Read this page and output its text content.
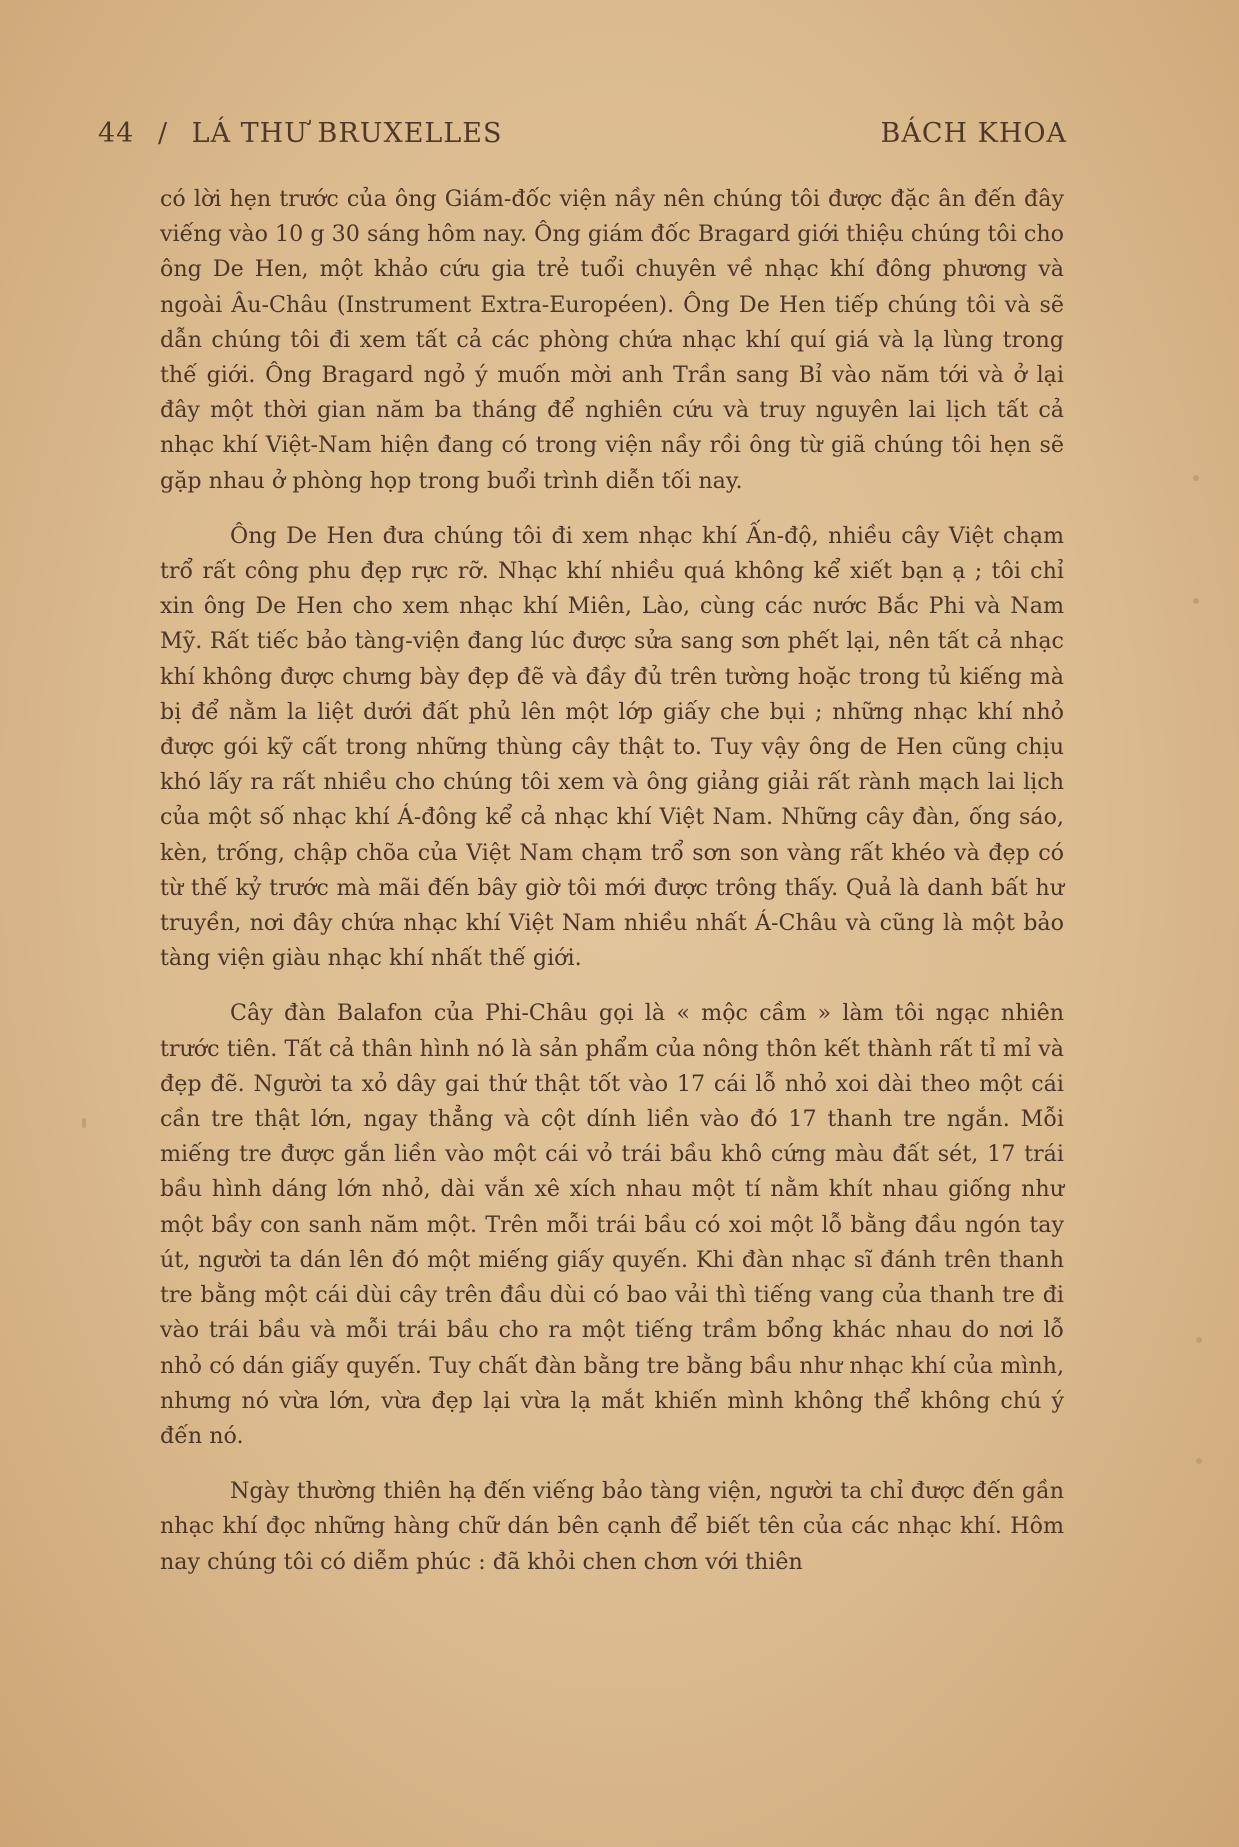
44 / LÁ THƯ BRUXELLES	BÁCH KHOA

có lời hẹn trước của ông Giám-đốc viện nầy nên chúng tôi được đặc ân đến đây viếng vào 10 g 30 sáng hôm nay. Ông giám đốc Bragard giới thiệu chúng tôi cho ông De Hen, một khảo cứu gia trẻ tuổi chuyên về nhạc khí đông phương và ngoài Âu-Châu (Instrument Extra-Européen). Ông De Hen tiếp chúng tôi và sẽ dẫn chúng tôi đi xem tất cả các phòng chứa nhạc khí quí giá và lạ lùng trong thế giới. Ông Bragard ngỏ ý muốn mời anh Trần sang Bỉ vào năm tới và ở lại đây một thời gian năm ba tháng để nghiên cứu và truy nguyên lai lịch tất cả nhạc khí Việt-Nam hiện đang có trong viện nầy rồi ông từ giã chúng tôi hẹn sẽ gặp nhau ở phòng họp trong buổi trình diễn tối nay.

Ông De Hen đưa chúng tôi đi xem nhạc khí Ấn-độ, nhiều cây Việt chạm trổ rất công phu đẹp rực rỡ. Nhạc khí nhiều quá không kể xiết bạn ạ ; tôi chỉ xin ông De Hen cho xem nhạc khí Miên, Lào, cùng các nước Bắc Phi và Nam Mỹ. Rất tiếc bảo tàng-viện đang lúc được sửa sang sơn phết lại, nên tất cả nhạc khí không được chưng bày đẹp đẽ và đầy đủ trên tường hoặc trong tủ kiếng mà bị để nằm la liệt dưới đất phủ lên một lớp giấy che bụi ; những nhạc khí nhỏ được gói kỹ cất trong những thùng cây thật to. Tuy vậy ông de Hen cũng chịu khó lấy ra rất nhiều cho chúng tôi xem và ông giảng giải rất rành mạch lai lịch của một số nhạc khí Á-đông kể cả nhạc khí Việt Nam. Những cây đàn, ống sáo, kèn, trống, chập chõa của Việt Nam chạm trổ sơn son vàng rất khéo và đẹp có từ thế kỷ trước mà mãi đến bây giờ tôi mới được trông thấy. Quả là danh bất hư truyền, nơi đây chứa nhạc khí Việt Nam nhiều nhất Á-Châu và cũng là một bảo tàng viện giàu nhạc khí nhất thế giới.

Cây đàn Balafon của Phi-Châu gọi là « mộc cầm » làm tôi ngạc nhiên trước tiên. Tất cả thân hình nó là sản phẩm của nông thôn kết thành rất tỉ mỉ và đẹp đẽ. Người ta xỏ dây gai thứ thật tốt vào 17 cái lỗ nhỏ xoi dài theo một cái cần tre thật lớn, ngay thẳng và cột dính liền vào đó 17 thanh tre ngắn. Mỗi miếng tre được gắn liền vào một cái vỏ trái bầu khô cứng màu đất sét, 17 trái bầu hình dáng lớn nhỏ, dài vắn xê xích nhau một tí nằm khít nhau giống như một bầy con sanh năm một. Trên mỗi trái bầu có xoi một lỗ bằng đầu ngón tay út, người ta dán lên đó một miếng giấy quyến. Khi đàn nhạc sĩ đánh trên thanh tre bằng một cái dùi cây trên đầu dùi có bao vải thì tiếng vang của thanh tre đi vào trái bầu và mỗi trái bầu cho ra một tiếng trầm bổng khác nhau do nơi lỗ nhỏ có dán giấy quyến. Tuy chất đàn bằng tre bằng bầu như nhạc khí của mình, nhưng nó vừa lớn, vừa đẹp lại vừa lạ mắt khiến mình không thể không chú ý đến nó.

Ngày thường thiên hạ đến viếng bảo tàng viện, người ta chỉ được đến gần nhạc khí đọc những hàng chữ dán bên cạnh để biết tên của các nhạc khí. Hôm nay chúng tôi có diễm phúc : đã khỏi chen chơn với thiên
